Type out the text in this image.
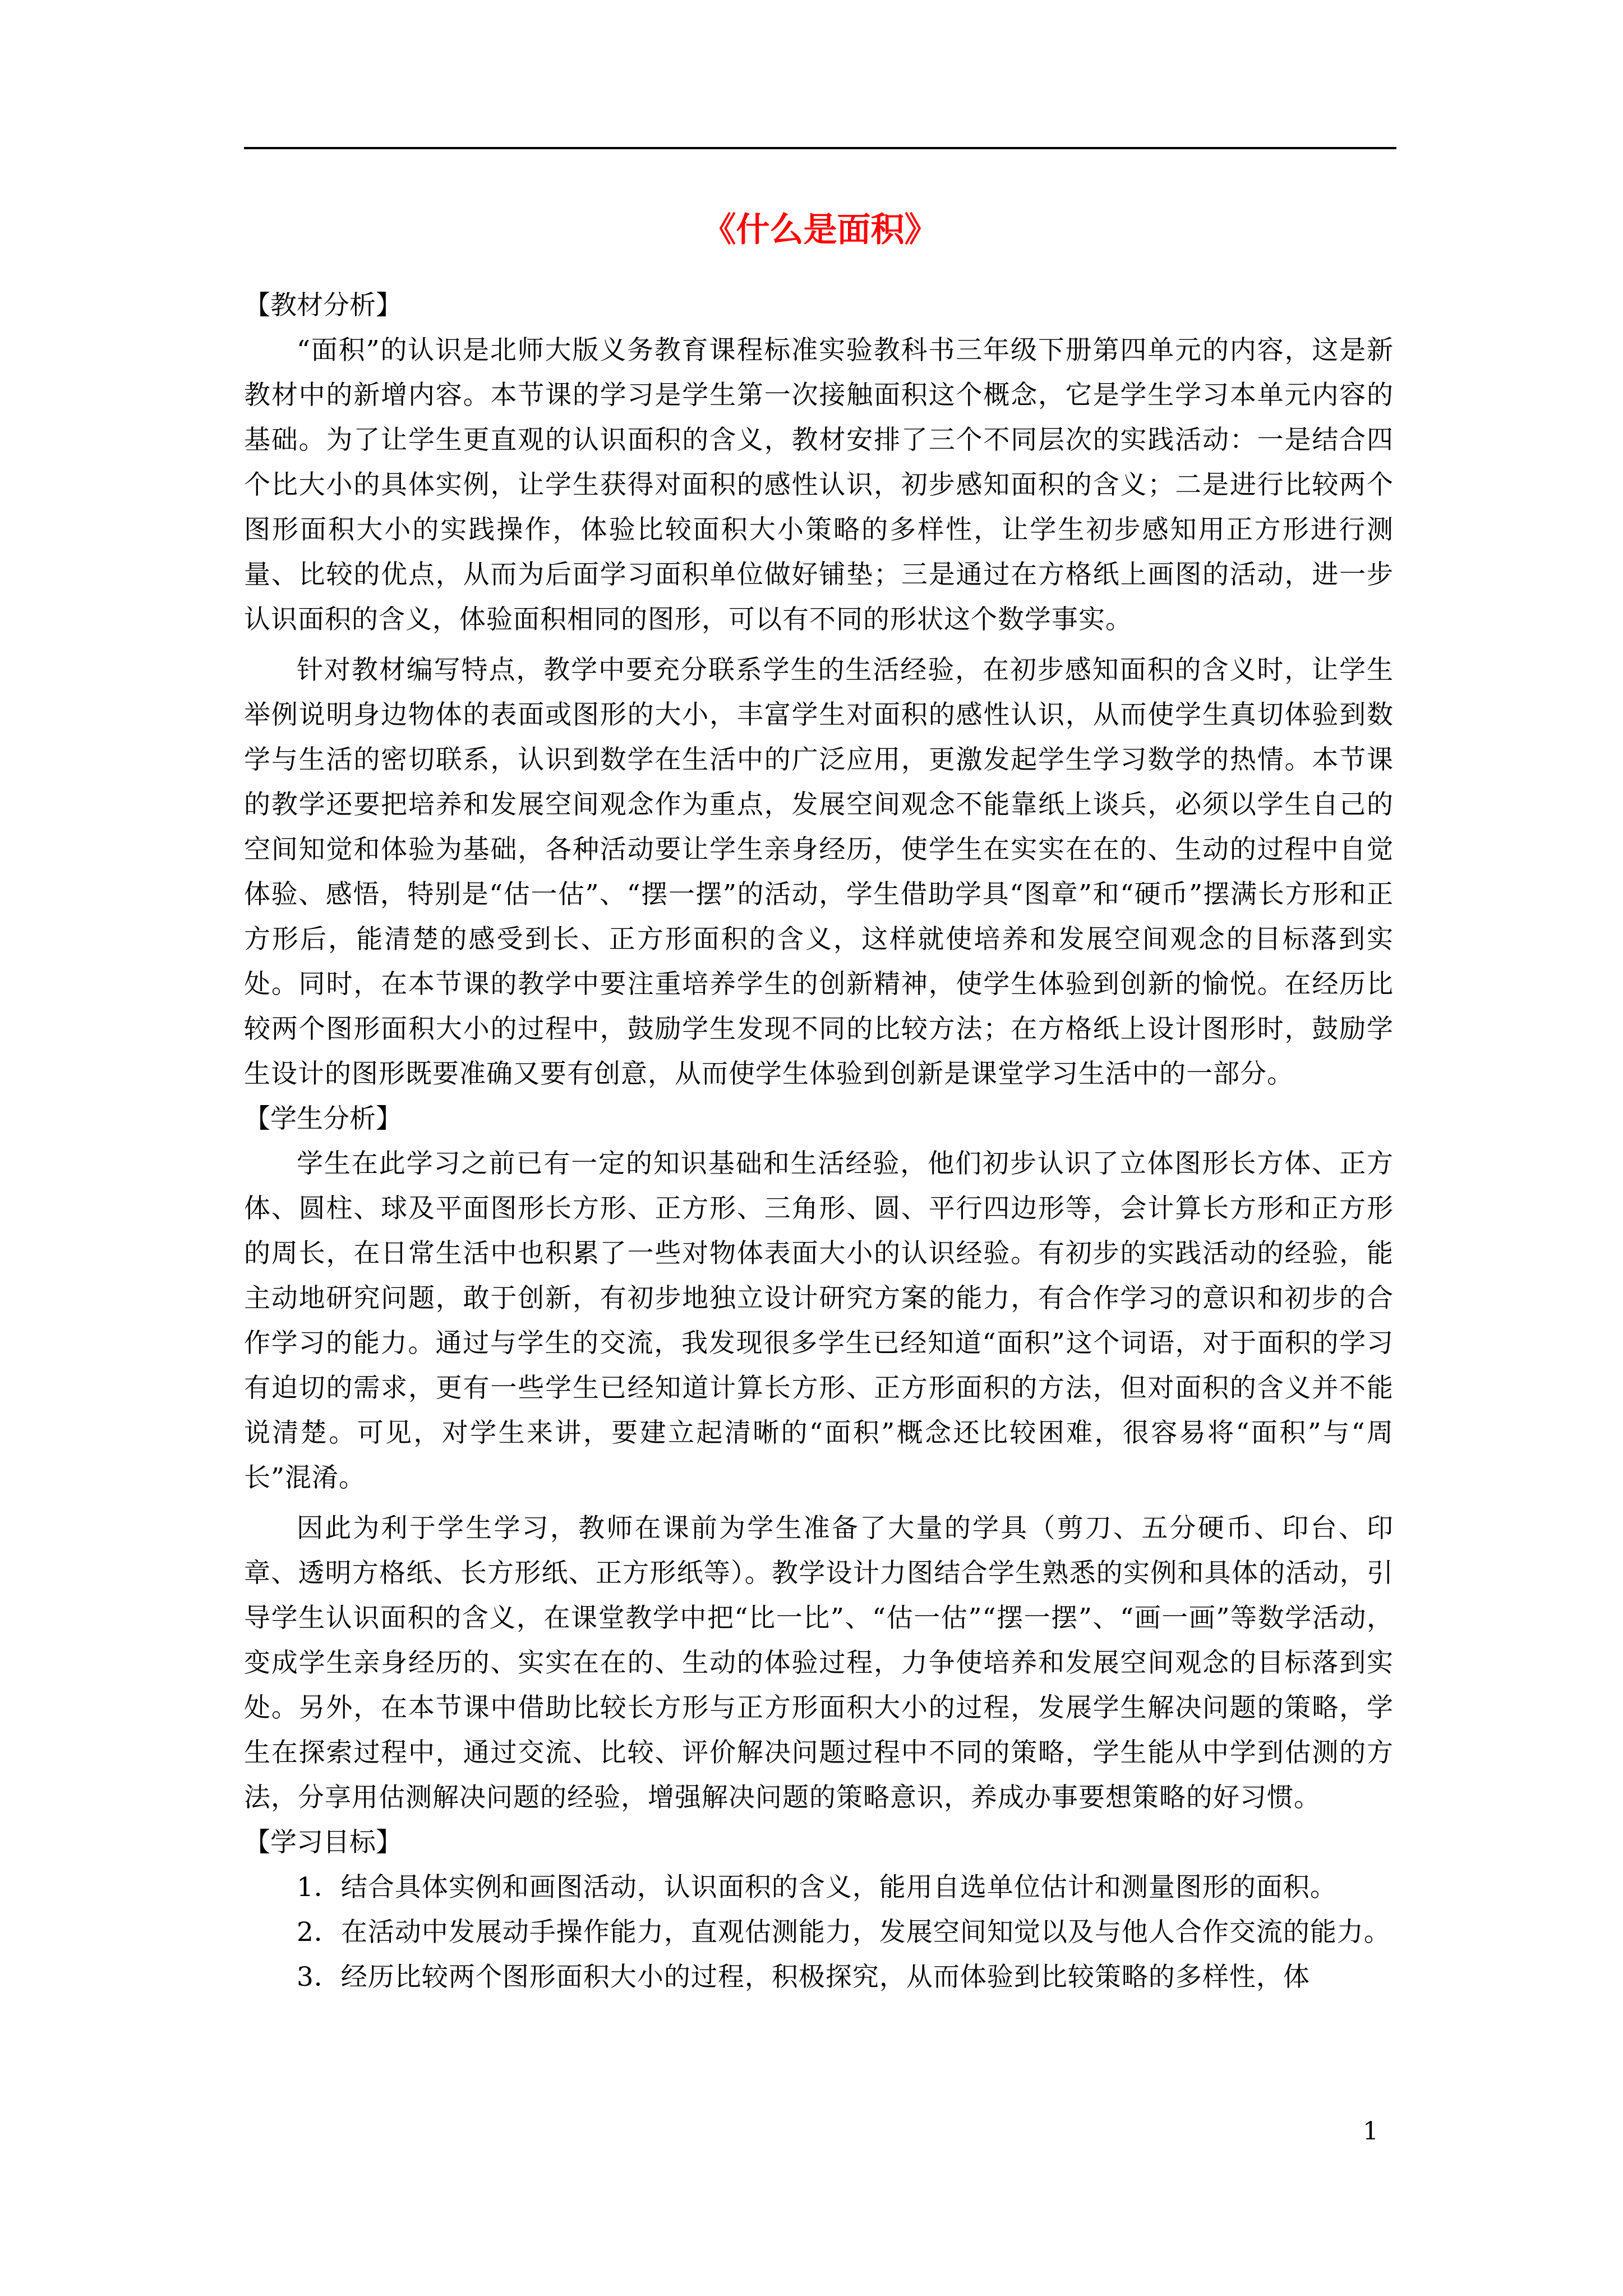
《什么是面积》
【教材分析】

“面积”的认识是北师大版义务教育课程标准实验教科书三年级下册第四单元的内容，这是新教材中的新增内容。本节课的学习是学生第一次接触面积这个概念，它是学生学习本单元内容的基础。为了让学生更直观的认识面积的含义，教材安排了三个不同层次的实践活动：一是结合四个比大小的具体实例，让学生获得对面积的感性认识，初步感知面积的含义；二是进行比较两个图形面积大小的实践操作，体验比较面积大小策略的多样性，让学生初步感知用正方形进行测量、比较的优点，从而为后面学习面积单位做好铺垫；三是通过在方格纸上画图的活动，进一步认识面积的含义，体验面积相同的图形，可以有不同的形状这个数学事实。

针对教材编写特点，教学中要充分联系学生的生活经验，在初步感知面积的含义时，让学生举例说明身边物体的表面或图形的大小，丰富学生对面积的感性认识，从而使学生真切体验到数学与生活的密切联系，认识到数学在生活中的广泛应用，更激发起学生学习数学的热情。本节课的教学还要把培养和发展空间观念作为重点，发展空间观念不能靠纸上谈兵，必须以学生自己的空间知觉和体验为基础，各种活动要让学生亲身经历，使学生在实实在在的、生动的过程中自觉体验、感悟，特别是“估一估”、“摆一摆”的活动，学生借助学具“图章”和“硬币”摆满长方形和正方形后，能清楚的感受到长、正方形面积的含义，这样就使培养和发展空间观念的目标落到实处。同时，在本节课的教学中要注重培养学生的创新精神，使学生体验到创新的愉悦。在经历比较两个图形面积大小的过程中，鼓励学生发现不同的比较方法；在方格纸上设计图形时，鼓励学生设计的图形既要准确又要有创意，从而使学生体验到创新是课堂学习生活中的一部分。

【学生分析】

学生在此学习之前已有一定的知识基础和生活经验，他们初步认识了立体图形长方体、正方体、圆柱、球及平面图形长方形、正方形、三角形、圆、平行四边形等，会计算长方形和正方形的周长，在日常生活中也积累了一些对物体表面大小的认识经验。有初步的实践活动的经验，能主动地研究问题，敢于创新，有初步地独立设计研究方案的能力，有合作学习的意识和初步的合作学习的能力。通过与学生的交流，我发现很多学生已经知道“面积”这个词语，对于面积的学习有迫切的需求，更有一些学生已经知道计算长方形、正方形面积的方法，但对面积的含义并不能说清楚。可见，对学生来讲，要建立起清晰的“面积”概念还比较困难，很容易将“面积”与“周长”混淆。

因此为利于学生学习，教师在课前为学生准备了大量的学具（剪刀、五分硬币、印台、印章、透明方格纸、长方形纸、正方形纸等）。教学设计力图结合学生熟悉的实例和具体的活动，引导学生认识面积的含义，在课堂教学中把“比一比”、“估一估”“摆一摆”、“画一画”等数学活动，变成学生亲身经历的、实实在在的、生动的体验过程，力争使培养和发展空间观念的目标落到实处。另外，在本节课中借助比较长方形与正方形面积大小的过程，发展学生解决问题的策略，学生在探索过程中，通过交流、比较、评价解决问题过程中不同的策略，学生能从中学到估测的方法，分享用估测解决问题的经验，增强解决问题的策略意识，养成办事要想策略的好习惯。

【学习目标】

1．结合具体实例和画图活动，认识面积的含义，能用自选单位估计和测量图形的面积。

2．在活动中发展动手操作能力，直观估测能力，发展空间知觉以及与他人合作交流的能力。

3．经历比较两个图形面积大小的过程，积极探究，从而体验到比较策略的多样性，体

1
